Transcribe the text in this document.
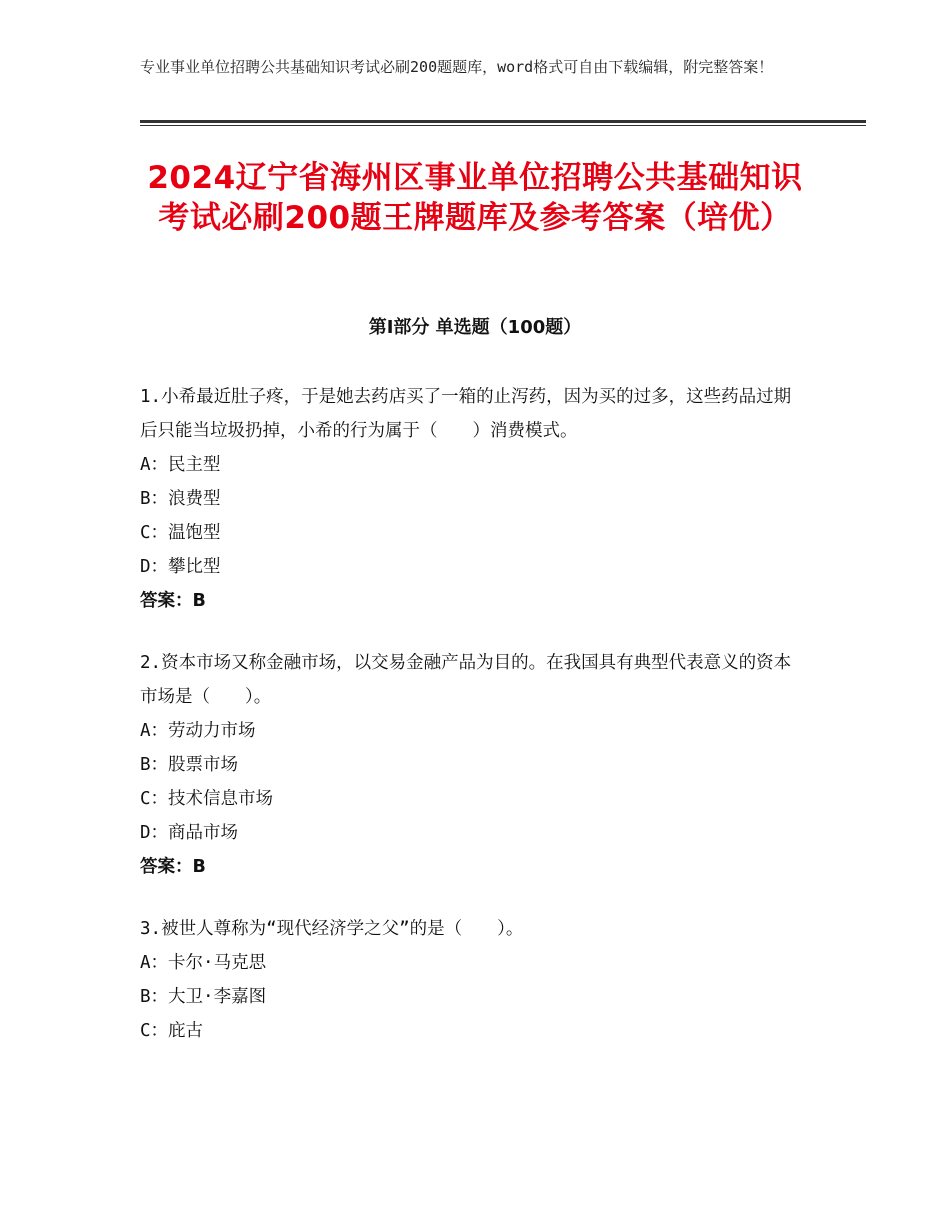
专业事业单位招聘公共基础知识考试必刷200题题库，word格式可自由下载编辑，附完整答案！
2024辽宁省海州区事业单位招聘公共基础知识考试必刷200题王牌题库及参考答案（培优）
第Ⅰ部分 单选题（100题）
1.小希最近肚子疼，于是她去药店买了一箱的止泻药，因为买的过多，这些药品过期后只能当垃圾扔掉，小希的行为属于（　　）消费模式。
A：民主型
B：浪费型
C：温饱型
D：攀比型
答案：B
2.资本市场又称金融市场，以交易金融产品为目的。在我国具有典型代表意义的资本市场是（　　）。
A：劳动力市场
B：股票市场
C：技术信息市场
D：商品市场
答案：B
3.被世人尊称为“现代经济学之父”的是（　　）。
A：卡尔·马克思
B：大卫·李嘉图
C：庇古
